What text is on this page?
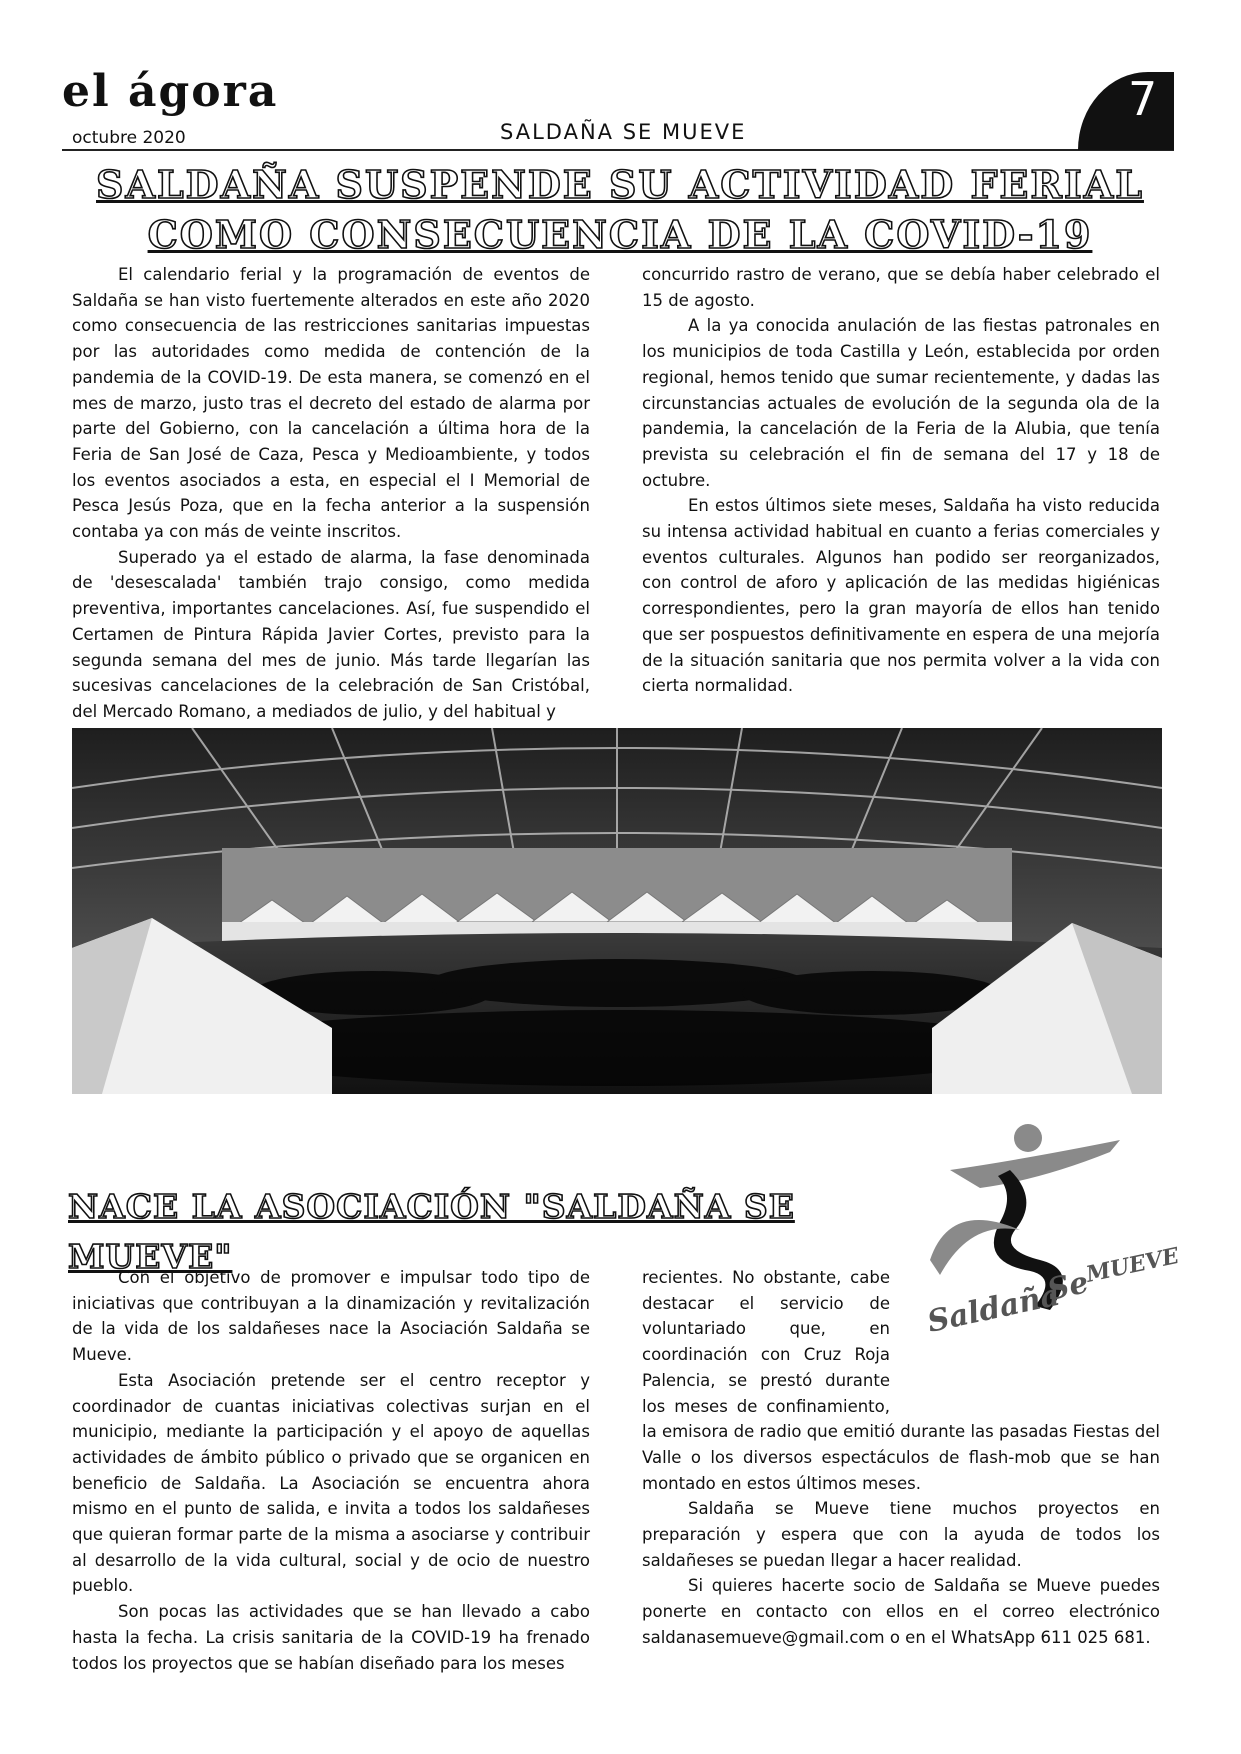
el ágora
octubre 2020	SALDAÑA SE MUEVE
7
SALDAÑA SUSPENDE SU ACTIVIDAD FERIAL
COMO CONSECUENCIA DE LA COVID-19

El calendario ferial y la programación de eventos de Saldaña se han visto fuertemente alterados en este año 2020 como consecuencia de las restricciones sanitarias impuestas por las autoridades como medida de contención de la pandemia de la COVID-19. De esta manera, se comenzó en el mes de marzo, justo tras el decreto del estado de alarma por parte del Gobierno, con la cancelación a última hora de la Feria de San José de Caza, Pesca y Medioambiente, y todos los eventos asociados a esta, en especial el I Memorial de Pesca Jesús Poza, que en la fecha anterior a la suspensión contaba ya con más de veinte inscritos.

Superado ya el estado de alarma, la fase denominada de 'desescalada' también trajo consigo, como medida preventiva, importantes cancelaciones. Así, fue suspendido el Certamen de Pintura Rápida Javier Cortes, previsto para la segunda semana del mes de junio. Más tarde llegarían las sucesivas cancelaciones de la celebración de San Cristóbal, del Mercado Romano, a mediados de julio, y del habitual y

concurrido rastro de verano, que se debía haber celebrado el 15 de agosto.

A la ya conocida anulación de las fiestas patronales en los municipios de toda Castilla y León, establecida por orden regional, hemos tenido que sumar recientemente, y dadas las circunstancias actuales de evolución de la segunda ola de la pandemia, la cancelación de la Feria de la Alubia, que tenía prevista su celebración el fin de semana del 17 y 18 de octubre.

En estos últimos siete meses, Saldaña ha visto reducida su intensa actividad habitual en cuanto a ferias comerciales y eventos culturales. Algunos han podido ser reorganizados, con control de aforo y aplicación de las medidas higiénicas correspondientes, pero la gran mayoría de ellos han tenido que ser pospuestos definitivamente en espera de una mejoría de la situación sanitaria que nos permita volver a la vida con cierta normalidad.

NACE LA ASOCIACIÓN "SALDAÑA SE MUEVE"

Con el objetivo de promover e impulsar todo tipo de iniciativas que contribuyan a la dinamización y revitalización de la vida de los saldañeses nace la Asociación Saldaña se Mueve.

Esta Asociación pretende ser el centro receptor y coordinador de cuantas iniciativas colectivas surjan en el municipio, mediante la participación y el apoyo de aquellas actividades de ámbito público o privado que se organicen en beneficio de Saldaña. La Asociación se encuentra ahora mismo en el punto de salida, e invita a todos los saldañeses que quieran formar parte de la misma a asociarse y contribuir al desarrollo de la vida cultural, social y de ocio de nuestro pueblo.

Son pocas las actividades que se han llevado a cabo hasta la fecha. La crisis sanitaria de la COVID-19 ha frenado todos los proyectos que se habían diseñado para los meses

recientes. No obstante, cabe destacar el servicio de voluntariado que, en coordinación con Cruz Roja Palencia, se prestó durante los meses de confinamiento, la emisora de radio que emitió durante las pasadas Fiestas del Valle o los diversos espectáculos de flash-mob que se han montado en estos últimos meses.

Saldaña se Mueve tiene muchos proyectos en preparación y espera que con la ayuda de todos los saldañeses se puedan llegar a hacer realidad.

Si quieres hacerte socio de Saldaña se Mueve puedes ponerte en contacto con ellos en el correo electrónico saldanasemueve@gmail.com o en el WhatsApp 611 025 681.

Saldaña
Se
MUEVE
